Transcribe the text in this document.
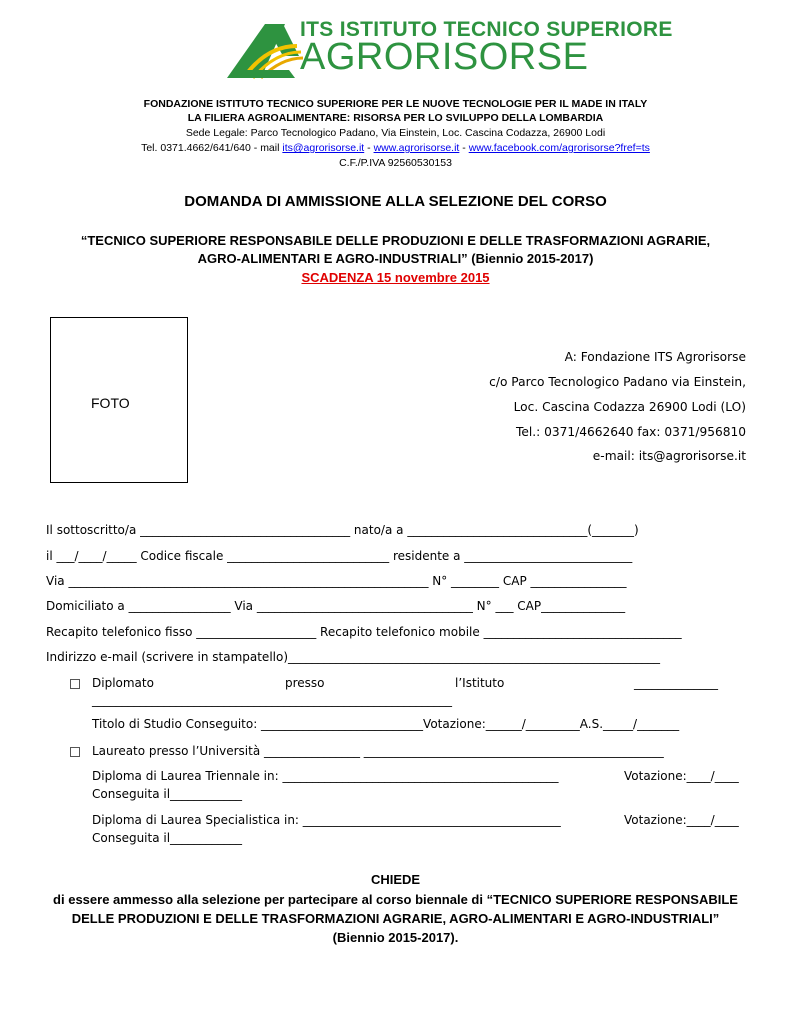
ITS ISTITUTO TECNICO SUPERIORE
AGRORISORSE
FONDAZIONE ISTITUTO TECNICO SUPERIORE PER LE NUOVE TECNOLOGIE PER IL MADE IN ITALY
LA FILIERA AGROALIMENTARE: RISORSA PER LO SVILUPPO DELLA LOMBARDIA
Sede Legale: Parco Tecnologico Padano, Via Einstein, Loc. Cascina Codazza, 26900 Lodi
Tel. 0371.4662/641/640 - mail its@agrorisorse.it - www.agrorisorse.it - www.facebook.com/agrorisorse?fref=ts
C.F./P.IVA 92560530153
DOMANDA DI AMMISSIONE ALLA SELEZIONE DEL CORSO
“TECNICO SUPERIORE RESPONSABILE DELLE PRODUZIONI E DELLE TRASFORMAZIONI AGRARIE,
AGRO-ALIMENTARI E AGRO-INDUSTRIALI” (Biennio 2015-2017)
SCADENZA 15 novembre 2015
FOTO
A: Fondazione ITS Agrorisorse
c/o Parco Tecnologico Padano via Einstein,
Loc. Cascina Codazza 26900 Lodi (LO)
Tel.: 0371/4662640 fax: 0371/956810
e-mail: its@agrorisorse.it
Il sottoscritto/a ___________________________________ nato/a a ______________________________(_______)
il ___/____/_____ Codice fiscale ___________________________ residente a ____________________________
Via ____________________________________________________________ N° ________ CAP ________________
Domiciliato a _________________ Via ____________________________________ N° ___ CAP______________
Recapito telefonico fisso ____________________ Recapito telefonico mobile _________________________________
Indirizzo e-mail (scrivere in stampatello)______________________________________________________________
Diplomato	presso	l’Istituto	______________
____________________________________________________________
Titolo di Studio Conseguito: ___________________________Votazione:______/_________A.S._____/_______
Laureato presso l’Università ________________ __________________________________________________
Diploma di Laurea Triennale in: ______________________________________________	Votazione:____/____
Conseguita il____________
Diploma di Laurea Specialistica in: ___________________________________________	Votazione:____/____
Conseguita il____________
CHIEDE
di essere ammesso alla selezione per partecipare al corso biennale di “TECNICO SUPERIORE RESPONSABILE
DELLE PRODUZIONI E DELLE TRASFORMAZIONI AGRARIE, AGRO-ALIMENTARI E AGRO-INDUSTRIALI”
(Biennio 2015-2017).
